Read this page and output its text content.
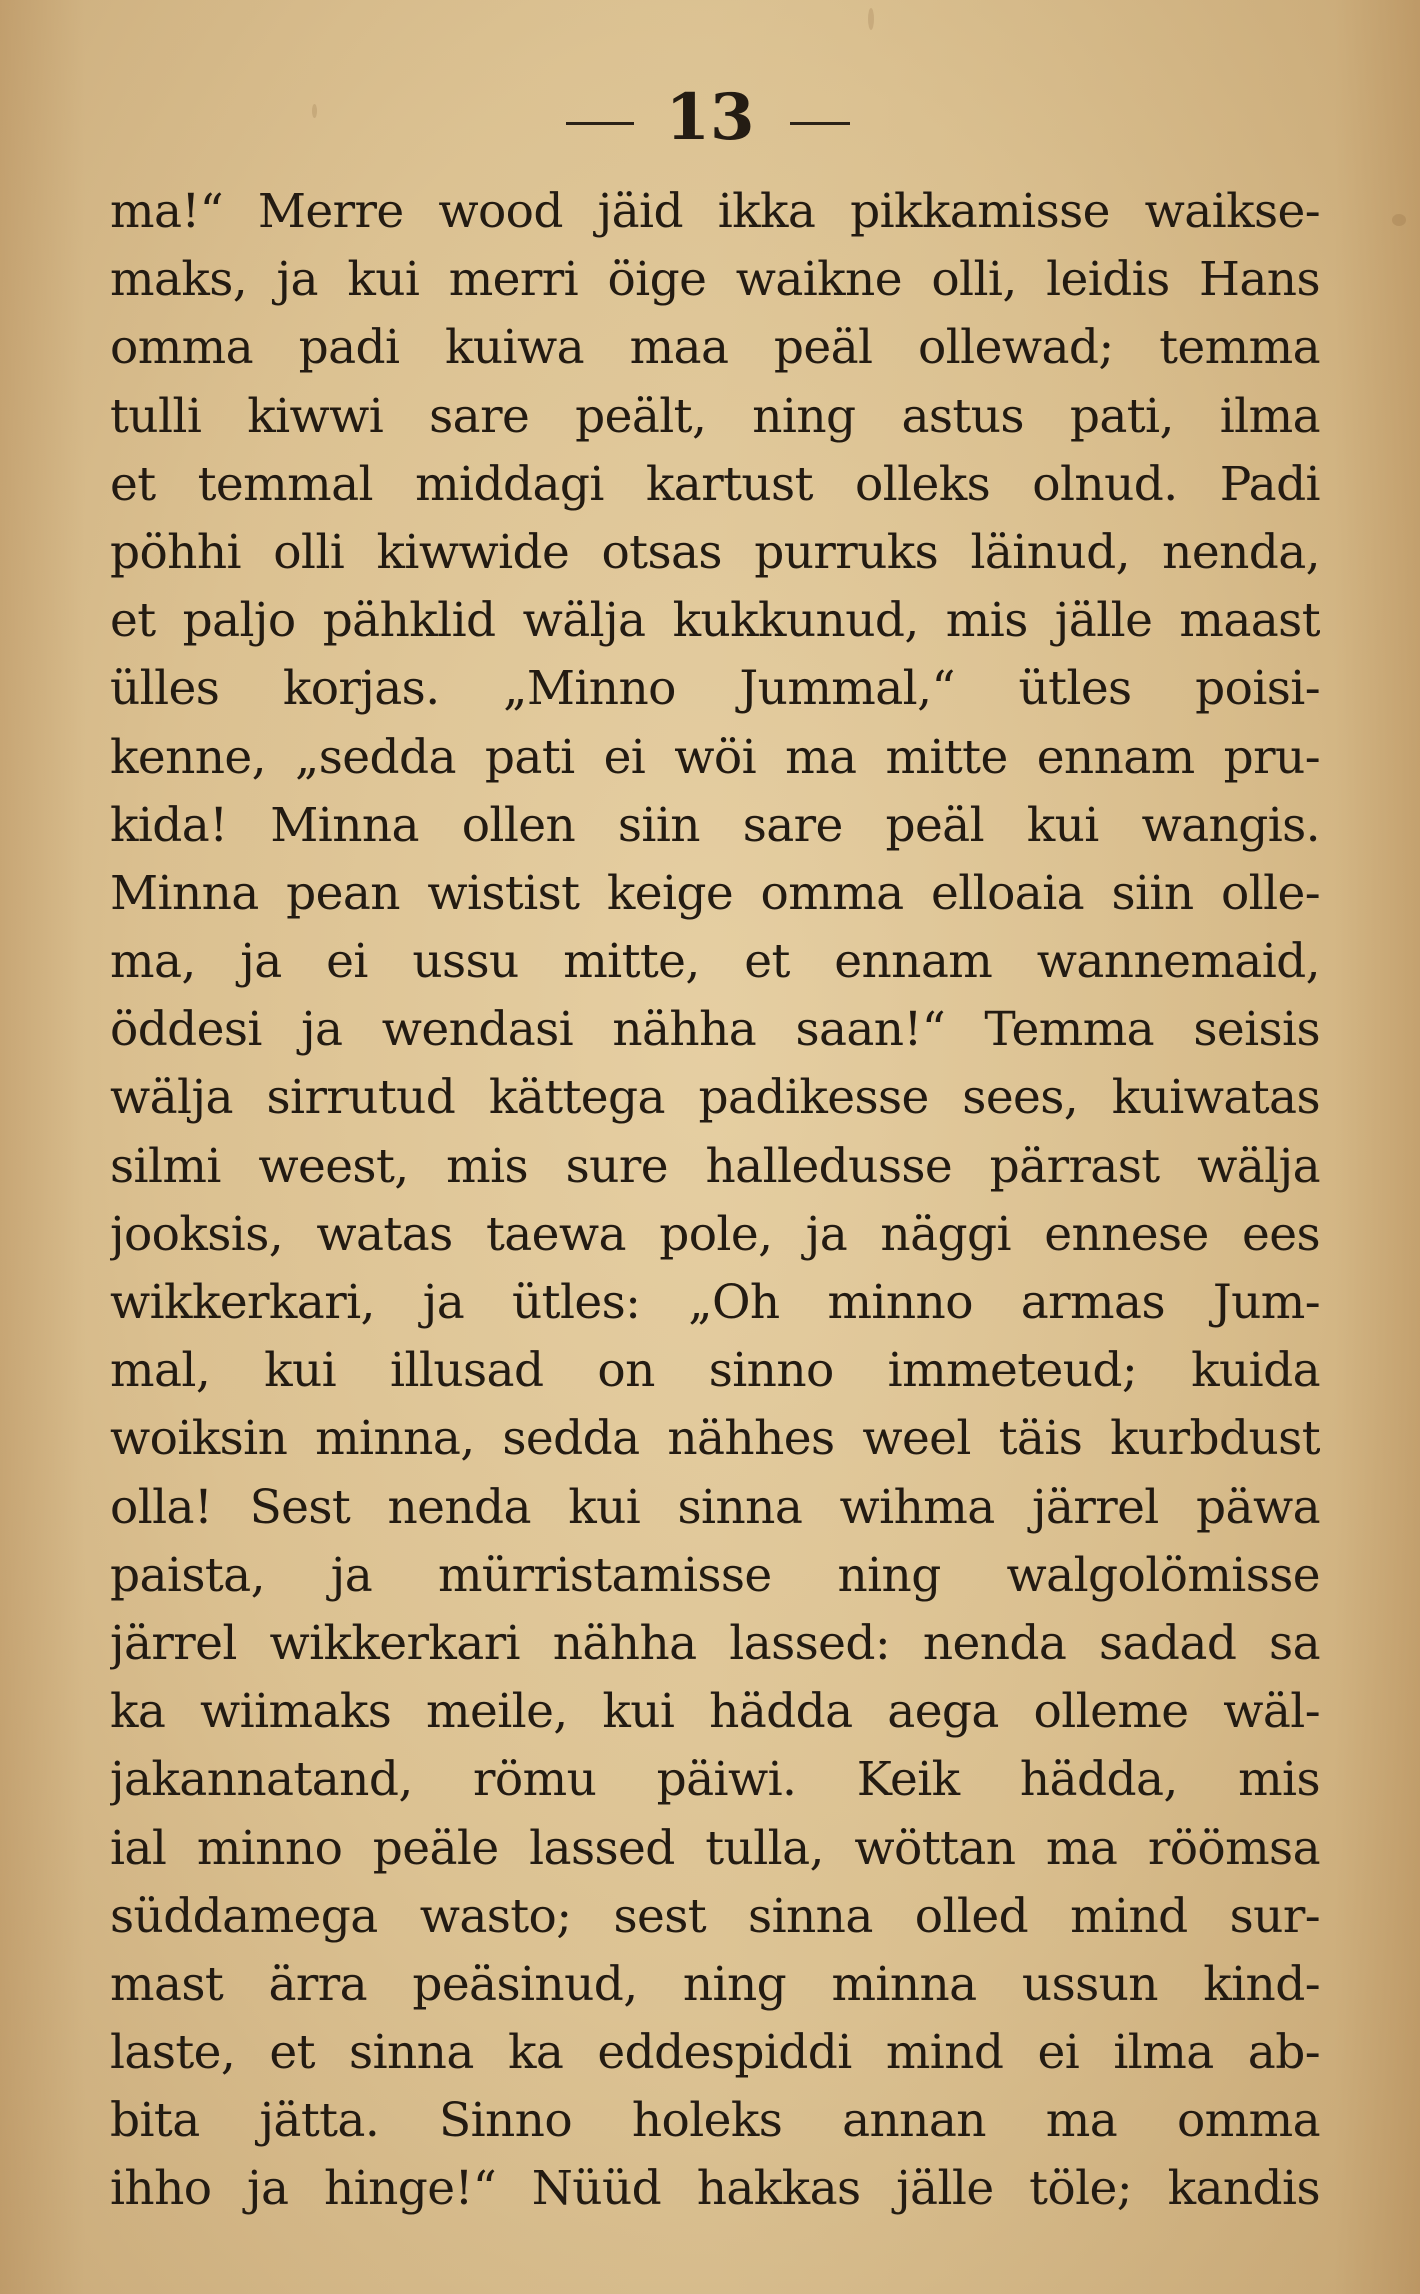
13
ma!“ Merre wood jäid ikka pikkamisse waikse-
maks, ja kui merri öige waikne olli, leidis Hans
omma padi kuiwa maa peäl ollewad; temma
tulli kiwwi sare peält, ning astus pati, ilma
et temmal middagi kartust olleks olnud. Padi
pöhhi olli kiwwide otsas purruks läinud, nenda,
et paljo pähklid wälja kukkunud, mis jälle maast
ülles korjas. „Minno Jummal,“ ütles poisi-
kenne, „sedda pati ei wöi ma mitte ennam pru-
kida! Minna ollen siin sare peäl kui wangis.
Minna pean wistist keige omma elloaia siin olle-
ma, ja ei ussu mitte, et ennam wannemaid,
öddesi ja wendasi nähha saan!“ Temma seisis
wälja sirrutud kättega padikesse sees, kuiwatas
silmi weest, mis sure halledusse pärrast wälja
jooksis, watas taewa pole, ja näggi ennese ees
wikkerkari, ja ütles: „Oh minno armas Jum-
mal, kui illusad on sinno immeteud; kuida
woiksin minna, sedda nähhes weel täis kurbdust
olla! Sest nenda kui sinna wihma järrel päwa
paista, ja mürristamisse ning walgolömisse
järrel wikkerkari nähha lassed: nenda sadad sa
ka wiimaks meile, kui hädda aega olleme wäl-
jakannatand, römu päiwi. Keik hädda, mis
ial minno peäle lassed tulla, wöttan ma röömsa
süddamega wasto; sest sinna olled mind sur-
mast ärra peäsinud, ning minna ussun kind-
laste, et sinna ka eddespiddi mind ei ilma ab-
bita jätta. Sinno holeks annan ma omma
ihho ja hinge!“ Nüüd hakkas jälle töle; kandis
